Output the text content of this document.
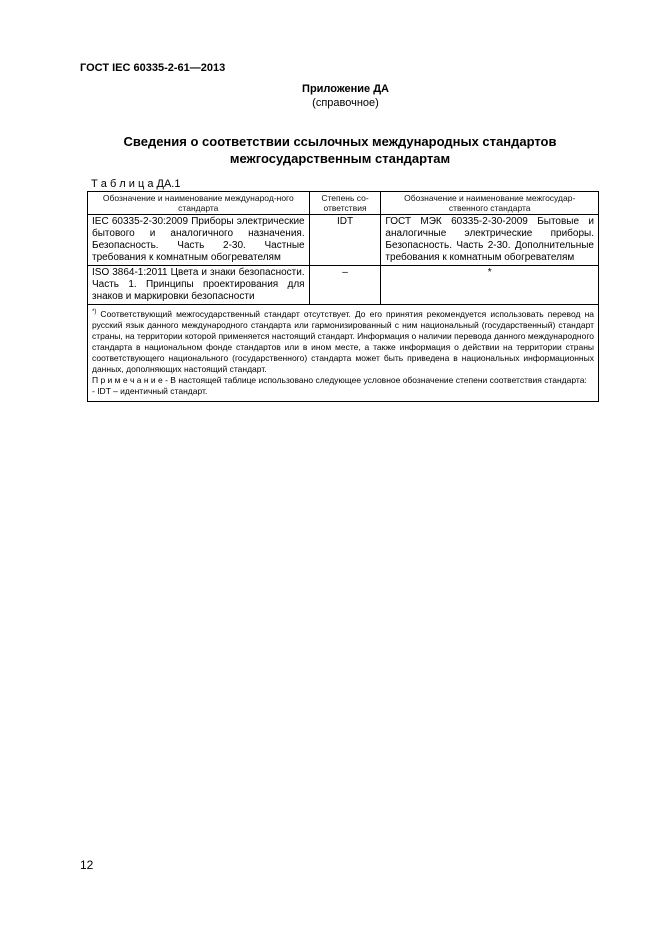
ГОСТ IEC 60335-2-61—2013
Приложение ДА
(справочное)
Сведения о соответствии ссылочных международных стандартов
межгосударственным стандартам
Т а б л и ц а ДА.1
Обозначение и наименование международ-ного стандарта	Степень со-ответствия	Обозначение и наименование межгосудар-ственного стандарта
IEC 60335-2-30:2009 Приборы электрические бытового и аналогичного назначения. Безопасность. Часть 2-30. Частные требования к комнатным обогревателям	IDT	ГОСТ МЭК 60335-2-30-2009 Бытовые и аналогичные электрические приборы. Безопасность. Часть 2-30. Дополнительные требования к комнатным обогревателям
ISO 3864-1:2011 Цвета и знаки безопасности. Часть 1. Принципы проектирования для знаков и маркировки безопасности	–	*

*) Соответствующий межгосударственный стандарт отсутствует. До его принятия рекомендуется использовать перевод на русский язык данного международного стандарта или гармонизированный с ним национальный (государственный) стандарт страны, на территории которой применяется настоящий стандарт. Информация о наличии перевода данного международного стандарта в национальном фонде стандартов или в ином месте, а также информация о действии на территории страны соответствующего национального (государственного) стандарта может быть приведена в национальных информационных данных, дополняющих настоящий стандарт.
П р и м е ч а н и е - В настоящей таблице использовано следующее условное обозначение степени соответствия стандарта:
- IDT – идентичный стандарт.		
12
